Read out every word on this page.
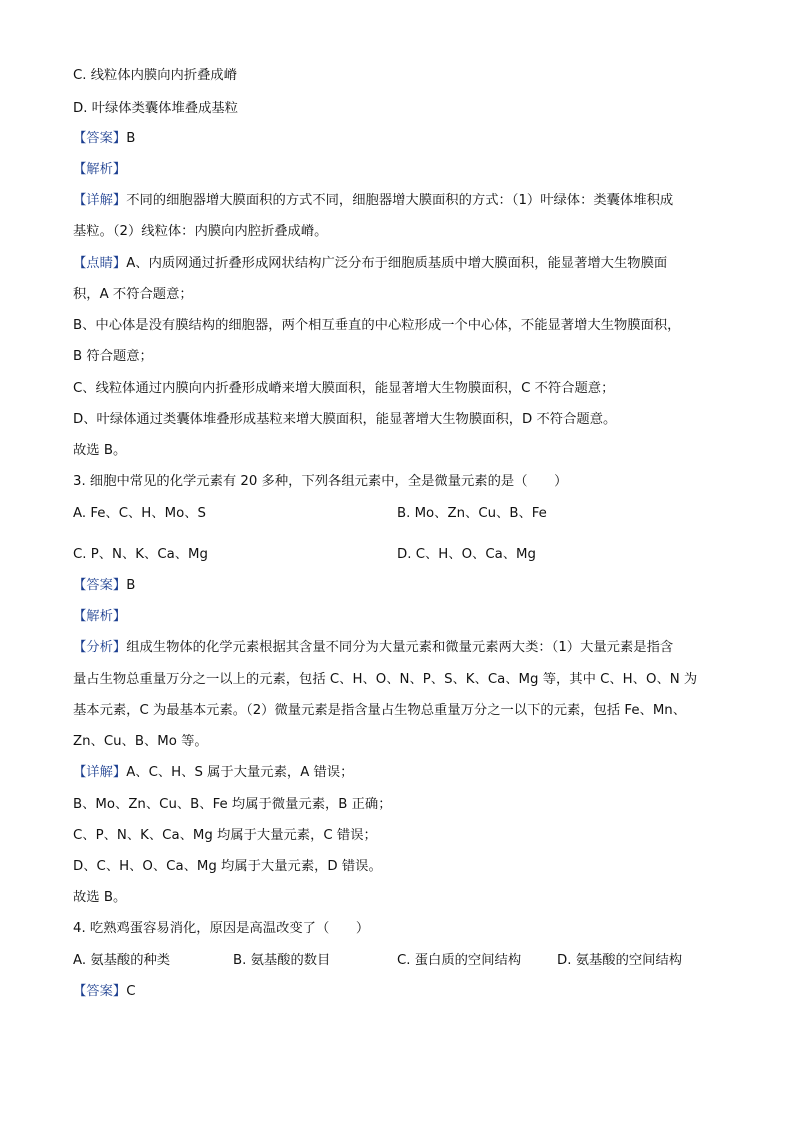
C. 线粒体内膜向内折叠成嵴
D. 叶绿体类囊体堆叠成基粒
【答案】B
【解析】
【详解】不同的细胞器增大膜面积的方式不同，细胞器增大膜面积的方式：（1）叶绿体：类囊体堆积成
基粒。（2）线粒体：内膜向内腔折叠成嵴。
【点睛】A、内质网通过折叠形成网状结构广泛分布于细胞质基质中增大膜面积，能显著增大生物膜面
积，A 不符合题意；
B、中心体是没有膜结构的细胞器，两个相互垂直的中心粒形成一个中心体，不能显著增大生物膜面积，
B 符合题意；
C、线粒体通过内膜向内折叠形成嵴来增大膜面积，能显著增大生物膜面积，C 不符合题意；
D、叶绿体通过类囊体堆叠形成基粒来增大膜面积，能显著增大生物膜面积，D 不符合题意。
故选 B。
3. 细胞中常见的化学元素有 20 多种，下列各组元素中，全是微量元素的是（　　）
A. Fe、C、H、Mo、S	B. Mo、Zn、Cu、B、Fe
C. P、N、K、Ca、Mg	D. C、H、O、Ca、Mg
【答案】B
【解析】
【分析】组成生物体的化学元素根据其含量不同分为大量元素和微量元素两大类：（1）大量元素是指含
量占生物总重量万分之一以上的元素，包括 C、H、O、N、P、S、K、Ca、Mg 等，其中 C、H、O、N 为
基本元素，C 为最基本元素。（2）微量元素是指含量占生物总重量万分之一以下的元素，包括 Fe、Mn、
Zn、Cu、B、Mo 等。
【详解】A、C、H、S 属于大量元素，A 错误；
B、Mo、Zn、Cu、B、Fe 均属于微量元素，B 正确；
C、P、N、K、Ca、Mg 均属于大量元素，C 错误；
D、C、H、O、Ca、Mg 均属于大量元素，D 错误。
故选 B。
4. 吃熟鸡蛋容易消化，原因是高温改变了（　　）
A. 氨基酸的种类	B. 氨基酸的数目	C. 蛋白质的空间结构	D. 氨基酸的空间结构
【答案】C
